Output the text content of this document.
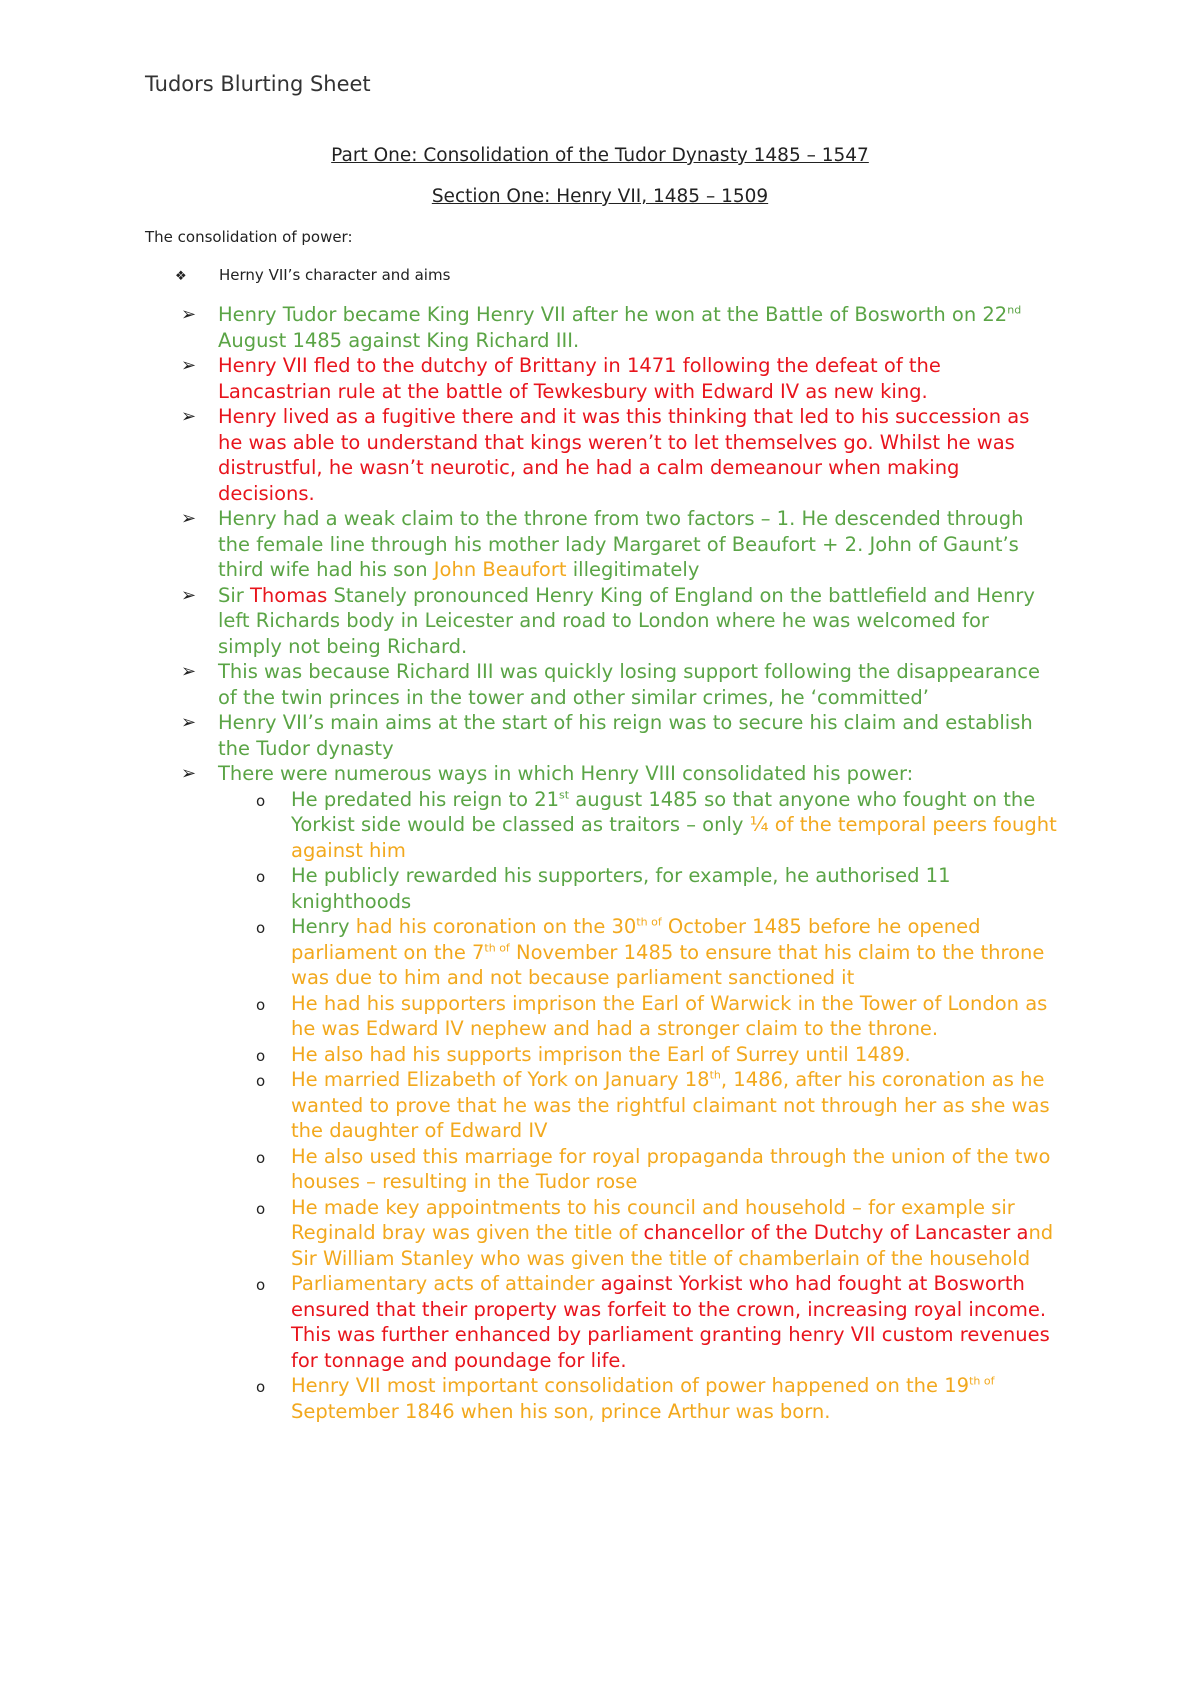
Tudors Blurting Sheet
Part One: Consolidation of the Tudor Dynasty 1485 – 1547
Section One: Henry VII, 1485 – 1509
The consolidation of power:
❖ Herny VII’s character and aims
➢ Henry Tudor became King Henry VII after he won at the Battle of Bosworth on 22nd August 1485 against King Richard III.
➢ Henry VII fled to the dutchy of Brittany in 1471 following the defeat of the Lancastrian rule at the battle of Tewkesbury with Edward IV as new king.
➢ Henry lived as a fugitive there and it was this thinking that led to his succession as he was able to understand that kings weren’t to let themselves go. Whilst he was distrustful, he wasn’t neurotic, and he had a calm demeanour when making decisions.
➢ Henry had a weak claim to the throne from two factors – 1. He descended through the female line through his mother lady Margaret of Beaufort + 2. John of Gaunt’s third wife had his son John Beaufort illegitimately
➢ Sir Thomas Stanely pronounced Henry King of England on the battlefield and Henry left Richards body in Leicester and road to London where he was welcomed for simply not being Richard.
➢ This was because Richard III was quickly losing support following the disappearance of the twin princes in the tower and other similar crimes, he ‘committed’
➢ Henry VII’s main aims at the start of his reign was to secure his claim and establish the Tudor dynasty
➢ There were numerous ways in which Henry VIII consolidated his power:
o He predated his reign to 21st august 1485 so that anyone who fought on the Yorkist side would be classed as traitors – only ¼ of the temporal peers fought against him
o He publicly rewarded his supporters, for example, he authorised 11 knighthoods
o Henry had his coronation on the $30^{th of}$ October 1485 before he opened parliament on the $7^{th of}$ November 1485 to ensure that his claim to the throne was due to him and not because parliament sanctioned it
o He had his supporters imprison the Earl of Warwick in the Tower of London as he was Edward IV nephew and had a stronger claim to the throne.
o He also had his supports imprison the Earl of Surrey until 1489.
o He married Elizabeth of York on January 18th, 1486, after his coronation as he wanted to prove that he was the rightful claimant not through her as she was the daughter of Edward IV
o He also used this marriage for royal propaganda through the union of the two houses – resulting in the Tudor rose
o He made key appointments to his council and household – for example sir Reginald bray was given the title of chancellor of the Dutchy of Lancaster and Sir William Stanley who was given the title of chamberlain of the household
o Parliamentary acts of attainder against Yorkist who had fought at Bosworth ensured that their property was forfeit to the crown, increasing royal income. This was further enhanced by parliament granting henry VII custom revenues for tonnage and poundage for life.
o Henry VII most important consolidation of power happened on the $19^{th of}$ September 1846 when his son, prince Arthur was born.
